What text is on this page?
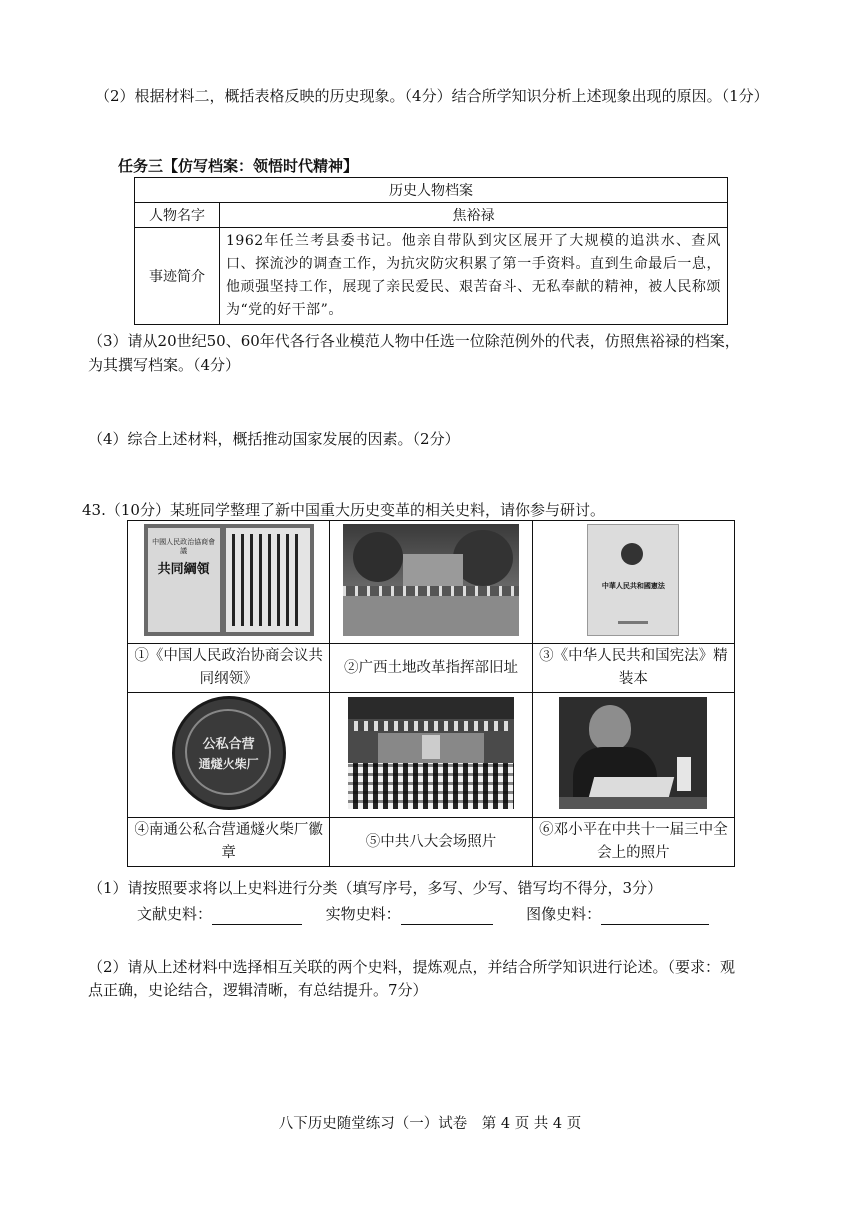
（2）根据材料二，概括表格反映的历史现象。（4分）结合所学知识分析上述现象出现的原因。（1分）
任务三【仿写档案：领悟时代精神】
历史人物档案	
人物名字	焦裕禄
事迹简介	1962年任兰考县委书记。他亲自带队到灾区展开了大规模的追洪水、查风口、探流沙的调查工作，为抗灾防灾积累了第一手资料。直到生命最后一息，他顽强坚持工作，展现了亲民爱民、艰苦奋斗、无私奉献的精神，被人民称颂为“党的好干部”。
（3）请从20世纪50、60年代各行各业模范人物中任选一位除范例外的代表，仿照焦裕禄的档案，
为其撰写档案。（4分）
（4）综合上述材料，概括推动国家发展的因素。（2分）
43.（10分）某班同学整理了新中国重大历史变革的相关史料，请你参与研讨。
中國人民政治協商會議
共同綱領		中華人民共和國憲法

①《中国人民政治协商会议共同纲领》	②广西土地改革指挥部旧址	③《中华人民共和国宪法》精装本

公私合营
通燧火柴厂		

④南通公私合营通燧火柴厂徽章	⑤中共八大会场照片	⑥邓小平在中共十一届三中全会上的照片
（1）请按照要求将以上史料进行分类（填写序号，多写、少写、错写均不得分，3分）
文献史料：	实物史料：	图像史料：
（2）请从上述材料中选择相互关联的两个史料，提炼观点，并结合所学知识进行论述。（要求：观
点正确，史论结合，逻辑清晰，有总结提升。7分）
八下历史随堂练习（一）试卷　第 4 页 共 4 页
